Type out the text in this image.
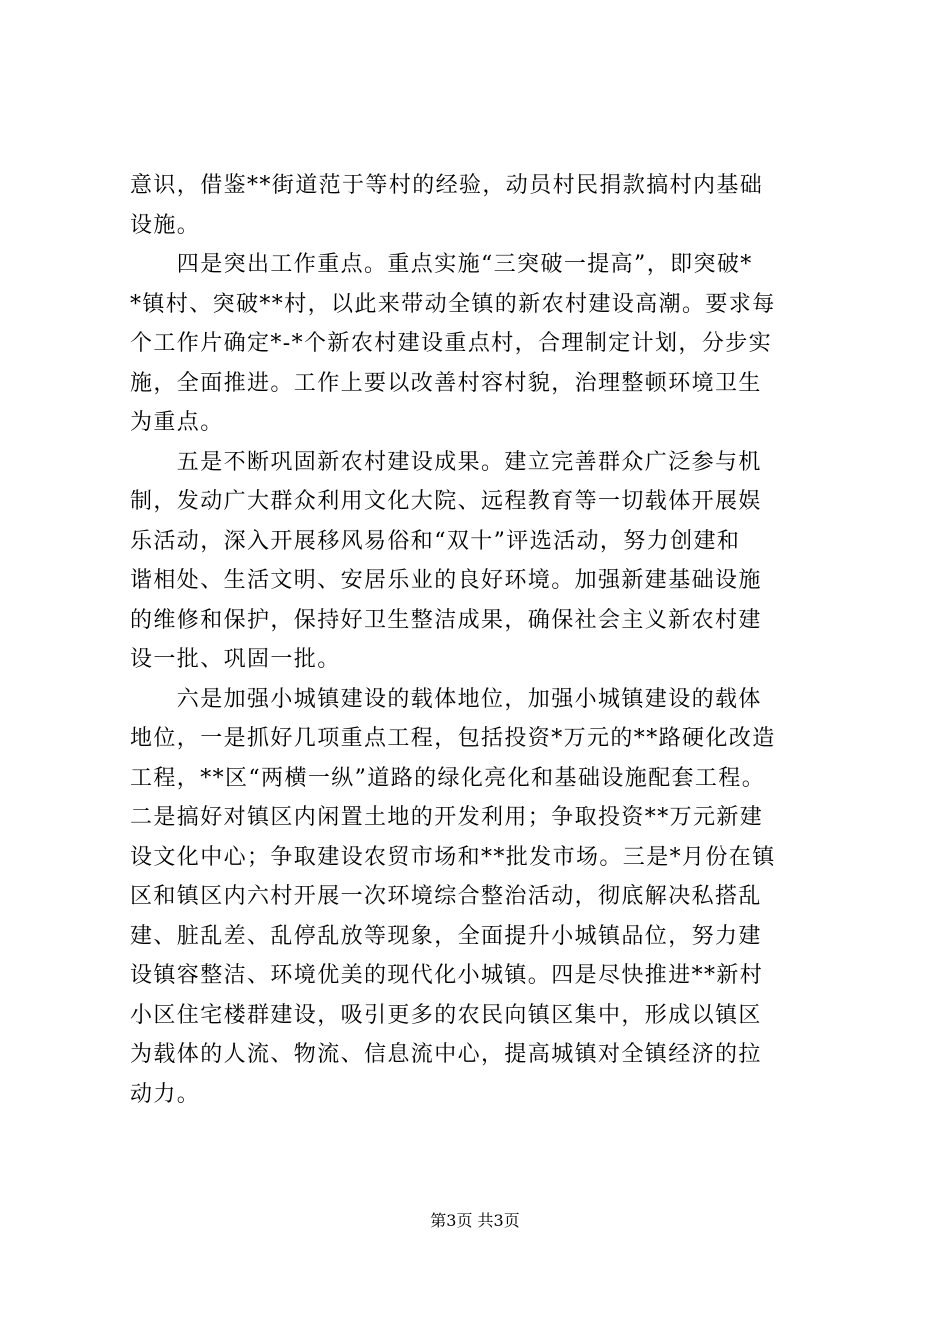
意识，借鉴**街道范于等村的经验，动员村民捐款搞村内基础
设施。
　　四是突出工作重点。重点实施“三突破一提高”，即突破*
*镇村、突破**村，以此来带动全镇的新农村建设高潮。要求每
个工作片确定*-*个新农村建设重点村，合理制定计划，分步实
施，全面推进。工作上要以改善村容村貌，治理整顿环境卫生
为重点。
　　五是不断巩固新农村建设成果。建立完善群众广泛参与机
制，发动广大群众利用文化大院、远程教育等一切载体开展娱
乐活动，深入开展移风易俗和“双十”评选活动，努力创建和
谐相处、生活文明、安居乐业的良好环境。加强新建基础设施
的维修和保护，保持好卫生整洁成果，确保社会主义新农村建
设一批、巩固一批。
　　六是加强小城镇建设的载体地位，加强小城镇建设的载体
地位，一是抓好几项重点工程，包括投资*万元的**路硬化改造
工程，**区“两横一纵”道路的绿化亮化和基础设施配套工程。
二是搞好对镇区内闲置土地的开发利用；争取投资**万元新建
设文化中心；争取建设农贸市场和**批发市场。三是*月份在镇
区和镇区内六村开展一次环境综合整治活动，彻底解决私搭乱
建、脏乱差、乱停乱放等现象，全面提升小城镇品位，努力建
设镇容整洁、环境优美的现代化小城镇。四是尽快推进**新村
小区住宅楼群建设，吸引更多的农民向镇区集中，形成以镇区
为载体的人流、物流、信息流中心，提高城镇对全镇经济的拉
动力。
第3页 共3页
